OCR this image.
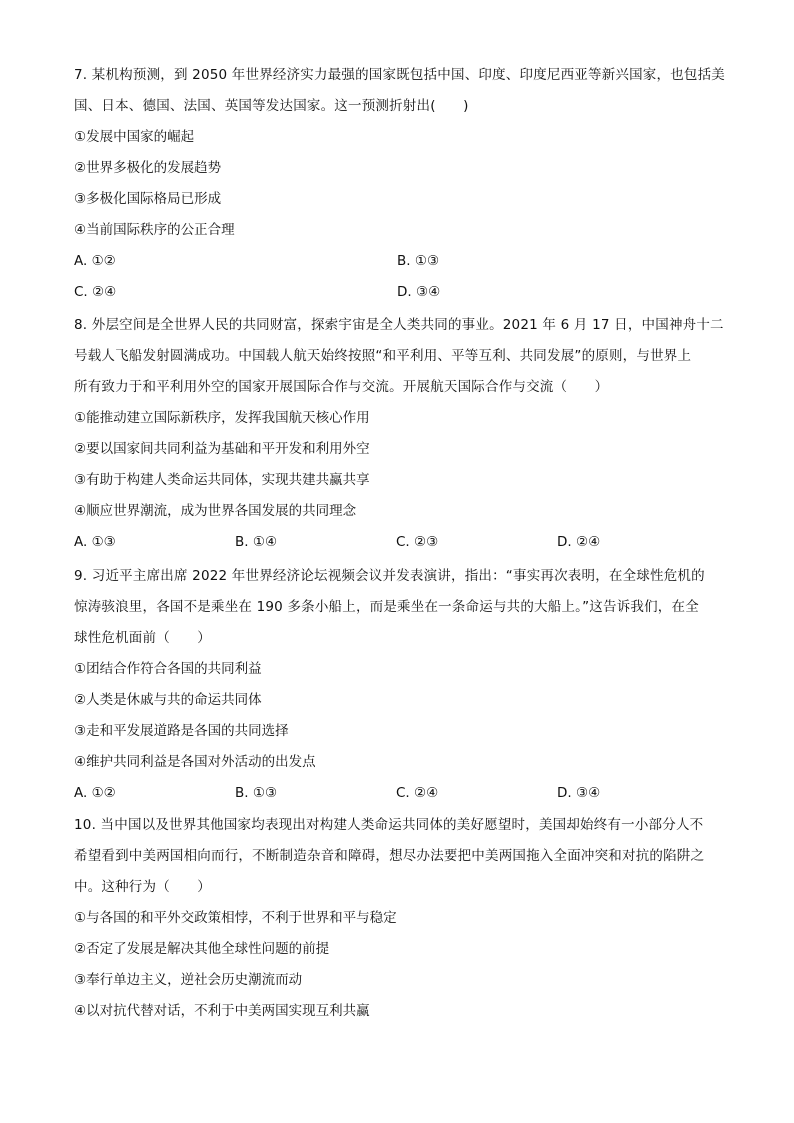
7. 某机构预测，到 2050 年世界经济实力最强的国家既包括中国、印度、印度尼西亚等新兴国家，也包括美
国、日本、德国、法国、英国等发达国家。这一预测折射出(　　)
①发展中国家的崛起
②世界多极化的发展趋势
③多极化国际格局已形成
④当前国际秩序的公正合理
A. ①②	B. ①③
C. ②④	D. ③④
8. 外层空间是全世界人民的共同财富，探索宇宙是全人类共同的事业。2021 年 6 月 17 日，中国神舟十二
号载人飞船发射圆满成功。中国载人航天始终按照“和平利用、平等互利、共同发展”的原则，与世界上
所有致力于和平利用外空的国家开展国际合作与交流。开展航天国际合作与交流（　　）
①能推动建立国际新秩序，发挥我国航天核心作用
②要以国家间共同利益为基础和平开发和利用外空
③有助于构建人类命运共同体，实现共建共赢共享
④顺应世界潮流，成为世界各国发展的共同理念
A. ①③	B. ①④	C. ②③	D. ②④
9. 习近平主席出席 2022 年世界经济论坛视频会议并发表演讲，指出：“事实再次表明，在全球性危机的
惊涛骇浪里，各国不是乘坐在 190 多条小船上，而是乘坐在一条命运与共的大船上。”这告诉我们，在全
球性危机面前（　　）
①团结合作符合各国的共同利益
②人类是休戚与共的命运共同体
③走和平发展道路是各国的共同选择
④维护共同利益是各国对外活动的出发点
A. ①②	B. ①③	C. ②④	D. ③④
10. 当中国以及世界其他国家均表现出对构建人类命运共同体的美好愿望时，美国却始终有一小部分人不
希望看到中美两国相向而行，不断制造杂音和障碍，想尽办法要把中美两国拖入全面冲突和对抗的陷阱之
中。这种行为（　　）
①与各国的和平外交政策相悖，不利于世界和平与稳定
②否定了发展是解决其他全球性问题的前提
③奉行单边主义，逆社会历史潮流而动
④以对抗代替对话，不利于中美两国实现互利共赢
